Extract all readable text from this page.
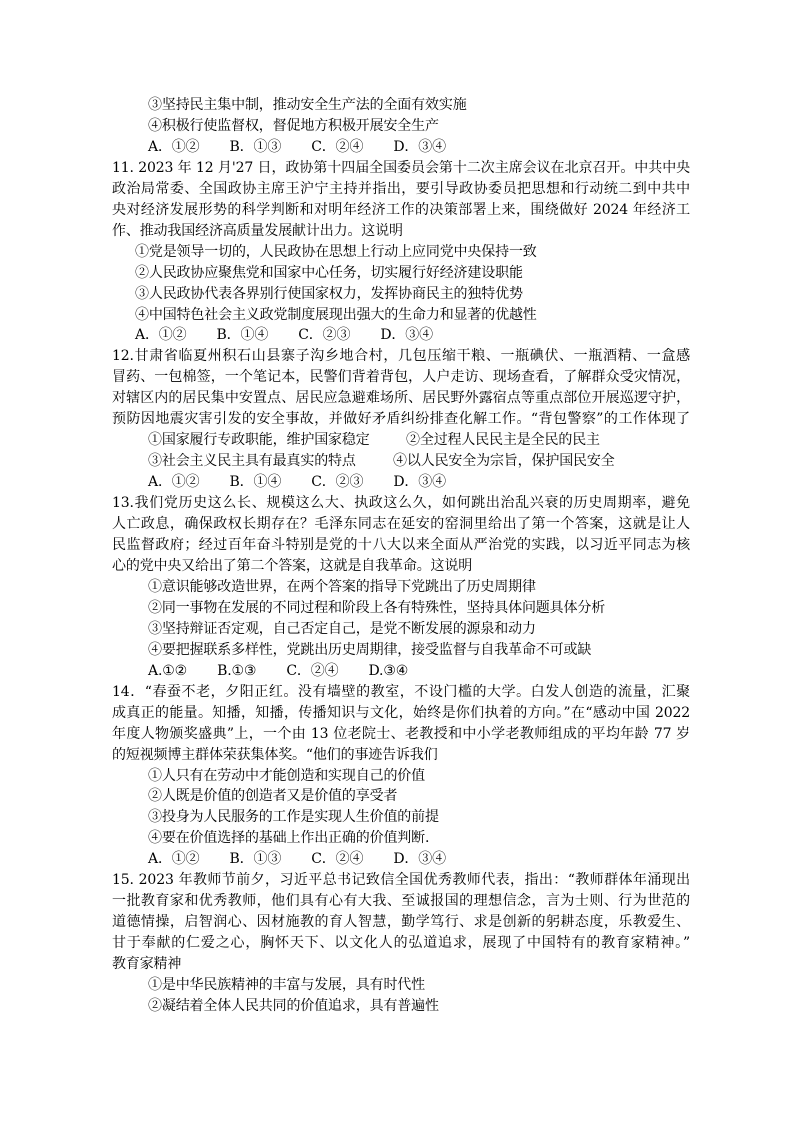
③坚持民主集中制，推动安全生产法的全面有效实施
④积极行使监督权，督促地方积极开展安全生产
A．①② B．①③ C．②④ D．③④
11. 2023 年 12 月'27 日，政协第十四届全国委员会第十二次主席会议在北京召开。中共中央
政治局常委、全国政协主席王沪宁主持并指出，要引导政协委员把思想和行动统二到中共中
央对经济发展形势的科学判断和对明年经济工作的决策部署上来，围绕做好 2024 年经济工
作、推动我国经济高质量发展献计出力。这说明
①党是领导一切的，人民政协在思想上行动上应同党中央保持一致
②人民政协应聚焦党和国家中心任务，切实履行好经济建设职能
③人民政协代表各界别行使国家权力，发挥协商民主的独特优势
④中国特色社会主义政党制度展现出强大的生命力和显著的优越性
A．①② B．①④ C．②③ D．③④
12.甘肃省临夏州积石山县寨子沟乡地合村，几包压缩干粮、一瓶碘伏、一瓶酒精、一盒感
冒药、一包棉签，一个笔记本，民警们背着背包，人户走访、现场查看，了解群众受灾情况，
对辖区内的居民集中安置点、居民应急避难场所、居民野外露宿点等重点部位开展巡逻守护，
预防因地震灾害引发的安全事故，并做好矛盾纠纷排查化解工作。“背包警察”的工作体现了
①国家履行专政职能，维护国家稳定	②全过程人民民主是全民的民主
③社会主义民主具有最真实的特点	④以人民安全为宗旨，保护国民安全
A．①② B．①④ C．②③ D．③④
13.我们党历史这么长、规模这么大、执政这么久，如何跳出治乱兴衰的历史周期率，避免
人亡政息，确保政权长期存在？毛泽东同志在延安的窑洞里给出了第一个答案，这就是让人
民监督政府；经过百年奋斗特别是党的十八大以来全面从严治党的实践，以习近平同志为核
心的党中央又给出了第二个答案，这就是自我革命。这说明
①意识能够改造世界，在两个答案的指导下党跳出了历史周期律
②同一事物在发展的不同过程和阶段上各有特殊性，坚持具体问题具体分析
③坚持辩证否定观，自己否定自己，是党不断发展的源泉和动力
④要把握联系多样性，党跳出历史周期律，接受监督与自我革命不可或缺
A.①② B.①③ C．②④ D.③④
14．“春蚕不老，夕阳正红。没有墙壁的教室，不设门槛的大学。白发人创造的流量，汇聚
成真正的能量。知播，知播，传播知识与文化，始终是你们执着的方向。”在“感动中国 2022
年度人物颁奖盛典”上，一个由 13 位老院士、老教授和中小学老教师组成的平均年龄 77 岁
的短视频博主群体荣获集体奖。“他们的事迹告诉我们
①人只有在劳动中才能创造和实现自己的价值
②人既是价值的创造者又是价值的享受者
③投身为人民服务的工作是实现人生价值的前提
④要在价值选择的基础上作出正确的价值判断.
A．①② B．①③ C．②④ D．③④
15. 2023 年教师节前夕，习近平总书记致信全国优秀教师代表，指出：“教师群体年涌现出
一批教育家和优秀教师，他们具有心有大我、至诚报国的理想信念，言为士则、行为世范的
道德情操，启智润心、因材施教的育人智慧，勤学笃行、求是创新的躬耕态度，乐教爱生、
甘于奉献的仁爱之心，胸怀天下、以文化人的弘道追求，展现了中国特有的教育家精神。”
教育家精神
①是中华民族精神的丰富与发展，具有时代性
②凝结着全体人民共同的价值追求，具有普遍性
